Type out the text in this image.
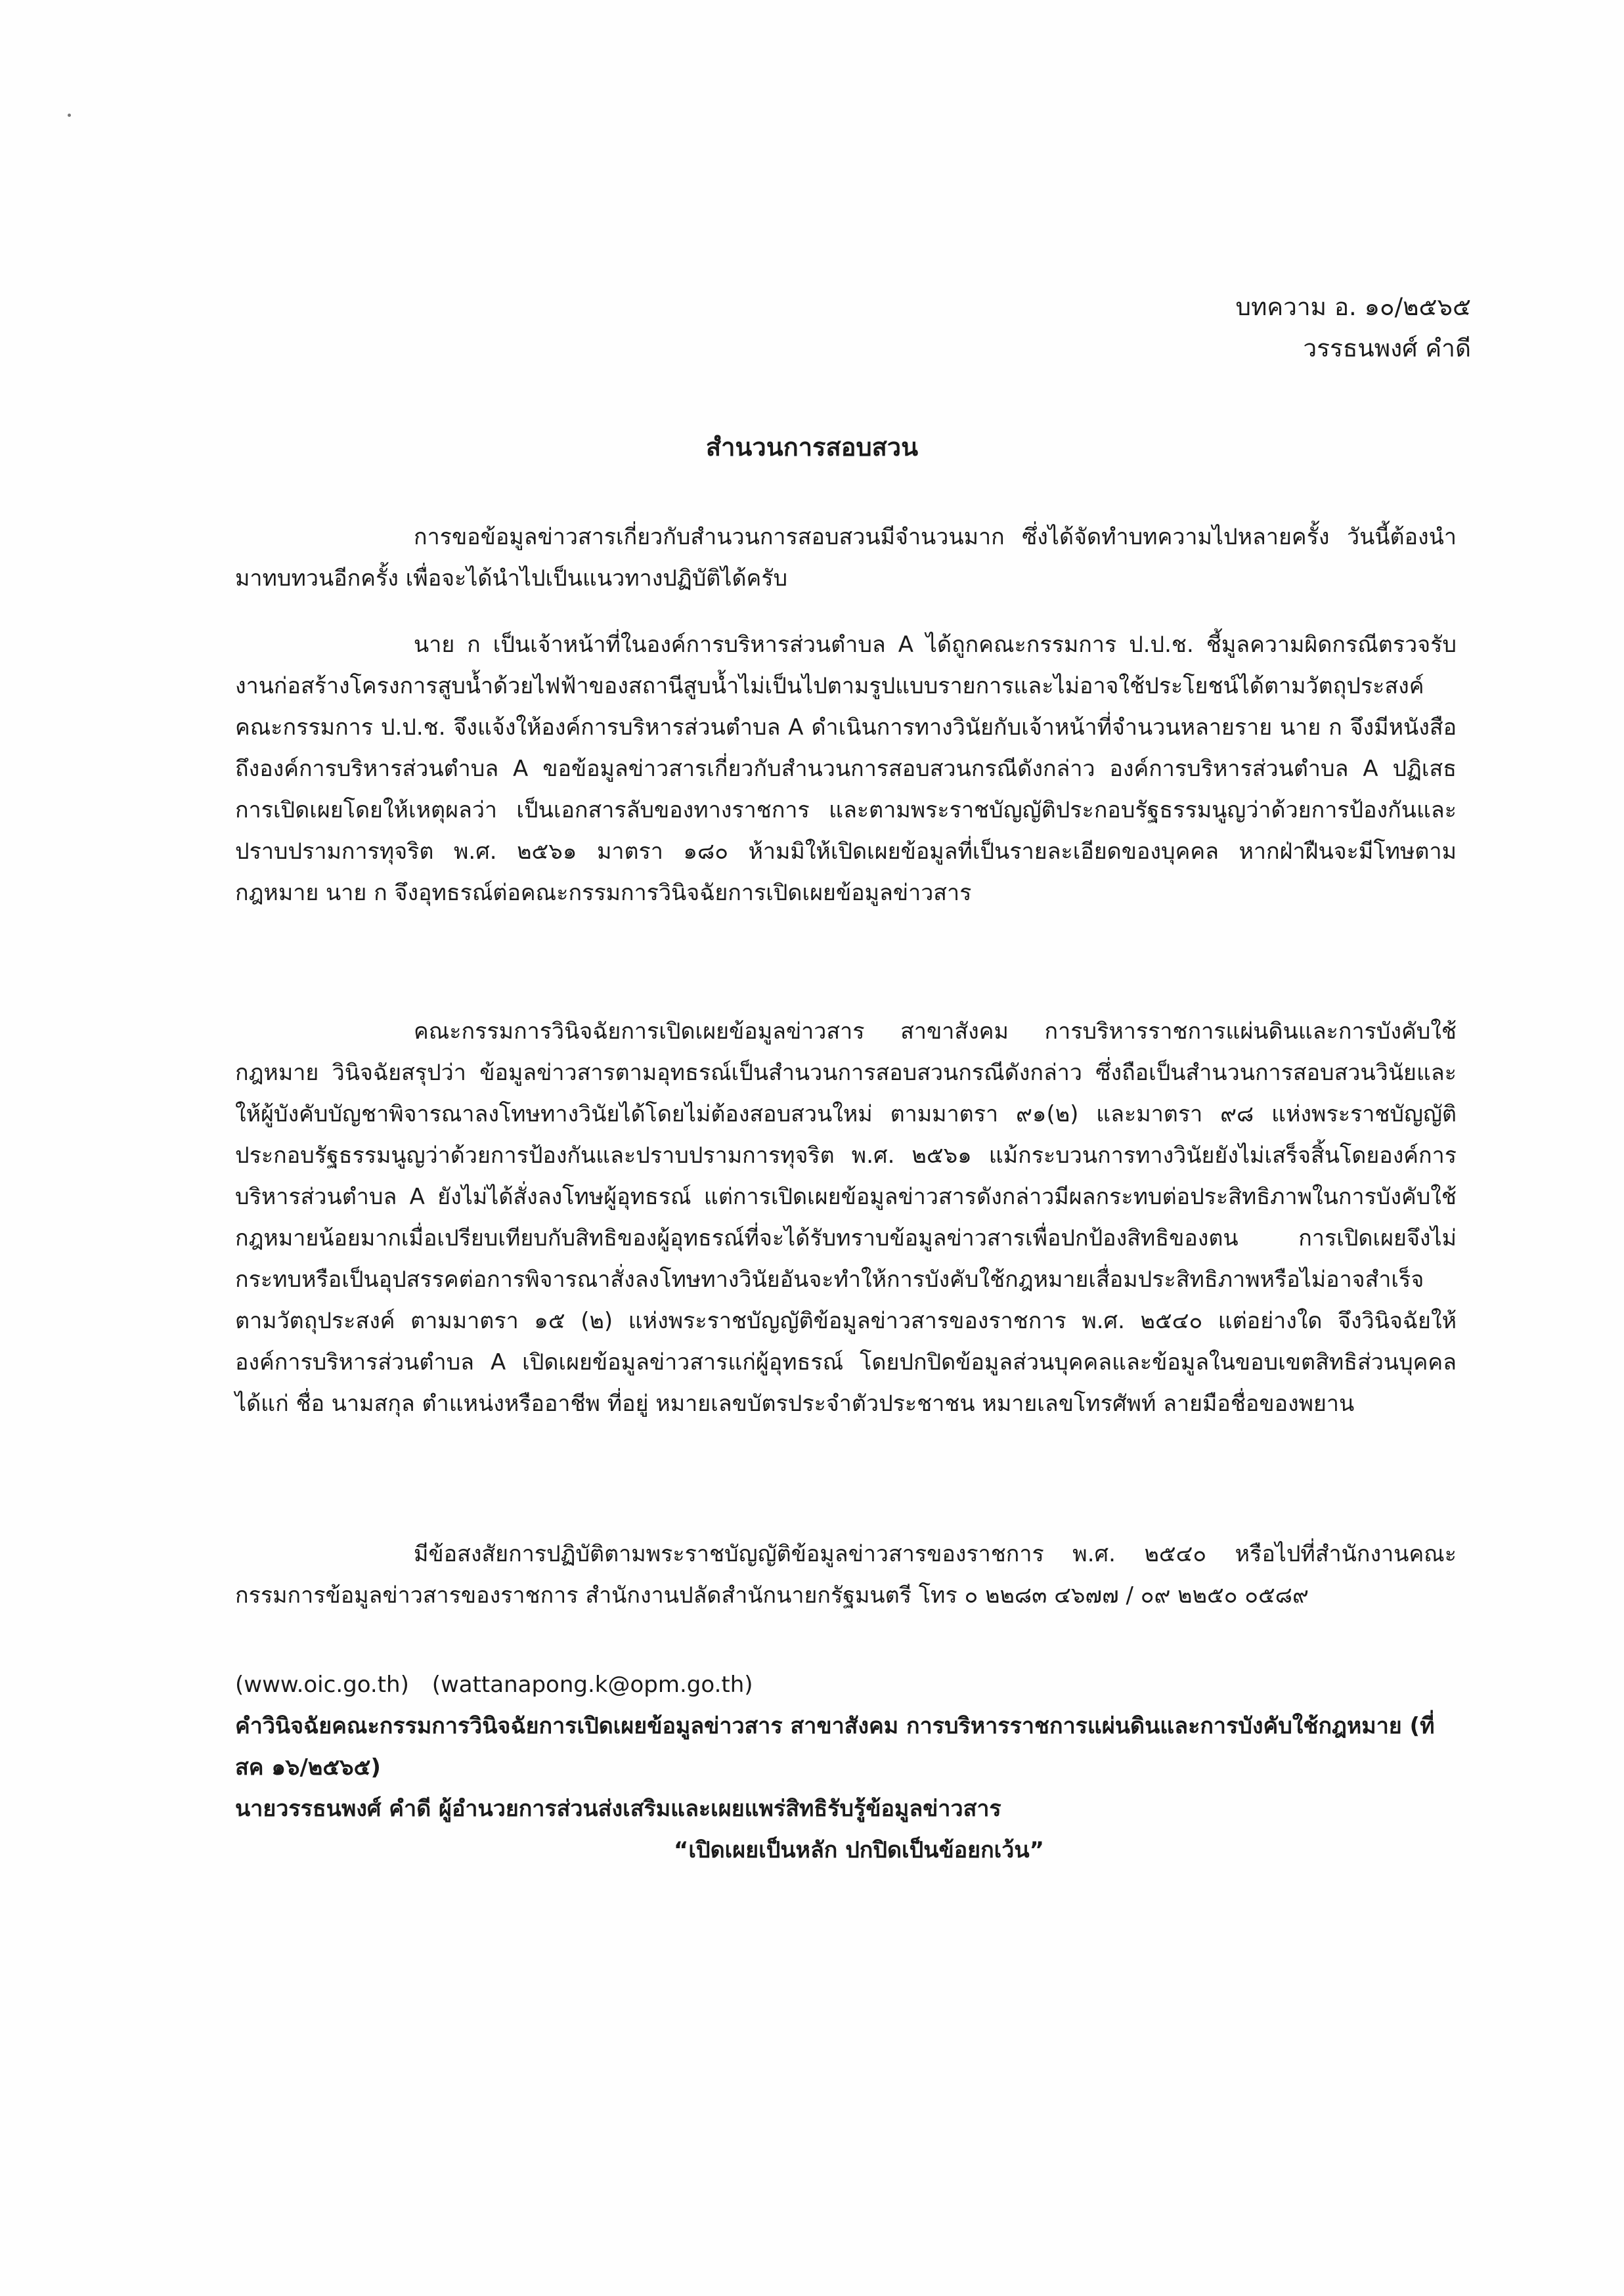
บทความ อ. ๑๐/๒๕๖๕
วรรธนพงศ์ คำดี
สำนวนการสอบสวน

การขอข้อมูลข่าวสารเกี่ยวกับสำนวนการสอบสวนมีจำนวนมาก ซึ่งได้จัดทำบทความไปหลายครั้ง วันนี้ต้องนำมาทบทวนอีกครั้ง เพื่อจะได้นำไปเป็นแนวทางปฏิบัติได้ครับ

นาย ก เป็นเจ้าหน้าที่ในองค์การบริหารส่วนตำบล A ได้ถูกคณะกรรมการ ป.ป.ช. ชี้มูลความผิดกรณีตรวจรับงานก่อสร้างโครงการสูบน้ำด้วยไฟฟ้าของสถานีสูบน้ำไม่เป็นไปตามรูปแบบรายการและไม่อาจใช้ประโยชน์ได้ตามวัตถุประสงค์ คณะกรรมการ ป.ป.ช. จึงแจ้งให้องค์การบริหารส่วนตำบล A ดำเนินการทางวินัยกับเจ้าหน้าที่จำนวนหลายราย นาย ก จึงมีหนังสือถึงองค์การบริหารส่วนตำบล A ขอข้อมูลข่าวสารเกี่ยวกับสำนวนการสอบสวนกรณีดังกล่าว องค์การบริหารส่วนตำบล A ปฏิเสธการเปิดเผยโดยให้เหตุผลว่า เป็นเอกสารลับของทางราชการ และตามพระราชบัญญัติประกอบรัฐธรรมนูญว่าด้วยการป้องกันและปราบปรามการทุจริต พ.ศ. ๒๕๖๑ มาตรา ๑๘๐ ห้ามมิให้เปิดเผยข้อมูลที่เป็นรายละเอียดของบุคคล หากฝ่าฝืนจะมีโทษตามกฎหมาย นาย ก จึงอุทธรณ์ต่อคณะกรรมการวินิจฉัยการเปิดเผยข้อมูลข่าวสาร

คณะกรรมการวินิจฉัยการเปิดเผยข้อมูลข่าวสาร สาขาสังคม การบริหารราชการแผ่นดินและการบังคับใช้กฎหมาย วินิจฉัยสรุปว่า ข้อมูลข่าวสารตามอุทธรณ์เป็นสำนวนการสอบสวนกรณีดังกล่าว ซึ่งถือเป็นสำนวนการสอบสวนวินัยและให้ผู้บังคับบัญชาพิจารณาลงโทษทางวินัยได้โดยไม่ต้องสอบสวนใหม่ ตามมาตรา ๙๑(๒) และมาตรา ๙๘ แห่งพระราชบัญญัติประกอบรัฐธรรมนูญว่าด้วยการป้องกันและปราบปรามการทุจริต พ.ศ. ๒๕๖๑ แม้กระบวนการทางวินัยยังไม่เสร็จสิ้นโดยองค์การบริหารส่วนตำบล A ยังไม่ได้สั่งลงโทษผู้อุทธรณ์ แต่การเปิดเผยข้อมูลข่าวสารดังกล่าวมีผลกระทบต่อประสิทธิภาพในการบังคับใช้กฎหมายน้อยมากเมื่อเปรียบเทียบกับสิทธิของผู้อุทธรณ์ที่จะได้รับทราบข้อมูลข่าวสารเพื่อปกป้องสิทธิของตน การเปิดเผยจึงไม่กระทบหรือเป็นอุปสรรคต่อการพิจารณาสั่งลงโทษทางวินัยอันจะทำให้การบังคับใช้กฎหมายเสื่อมประสิทธิภาพหรือไม่อาจสำเร็จตามวัตถุประสงค์ ตามมาตรา ๑๕ (๒) แห่งพระราชบัญญัติข้อมูลข่าวสารของราชการ พ.ศ. ๒๕๔๐ แต่อย่างใด จึงวินิจฉัยให้องค์การบริหารส่วนตำบล A เปิดเผยข้อมูลข่าวสารแก่ผู้อุทธรณ์ โดยปกปิดข้อมูลส่วนบุคคลและข้อมูลในขอบเขตสิทธิส่วนบุคคล ได้แก่ ชื่อ นามสกุล ตำแหน่งหรืออาชีพ ที่อยู่ หมายเลขบัตรประจำตัวประชาชน หมายเลขโทรศัพท์ ลายมือชื่อของพยาน

มีข้อสงสัยการปฏิบัติตามพระราชบัญญัติข้อมูลข่าวสารของราชการ พ.ศ. ๒๕๔๐ หรือไปที่สำนักงานคณะกรรมการข้อมูลข่าวสารของราชการ สำนักงานปลัดสำนักนายกรัฐมนตรี โทร ๐ ๒๒๘๓ ๔๖๗๗ / ๐๙ ๒๒๕๐ ๐๕๘๙

(www.oic.go.th) (wattanapong.k@opm.go.th)

คำวินิจฉัยคณะกรรมการวินิจฉัยการเปิดเผยข้อมูลข่าวสาร สาขาสังคม การบริหารราชการแผ่นดินและการบังคับใช้กฎหมาย (ที่ สค ๑๖/๒๕๖๕)

นายวรรธนพงศ์ คำดี ผู้อำนวยการส่วนส่งเสริมและเผยแพร่สิทธิรับรู้ข้อมูลข่าวสาร

“เปิดเผยเป็นหลัก ปกปิดเป็นข้อยกเว้น”
